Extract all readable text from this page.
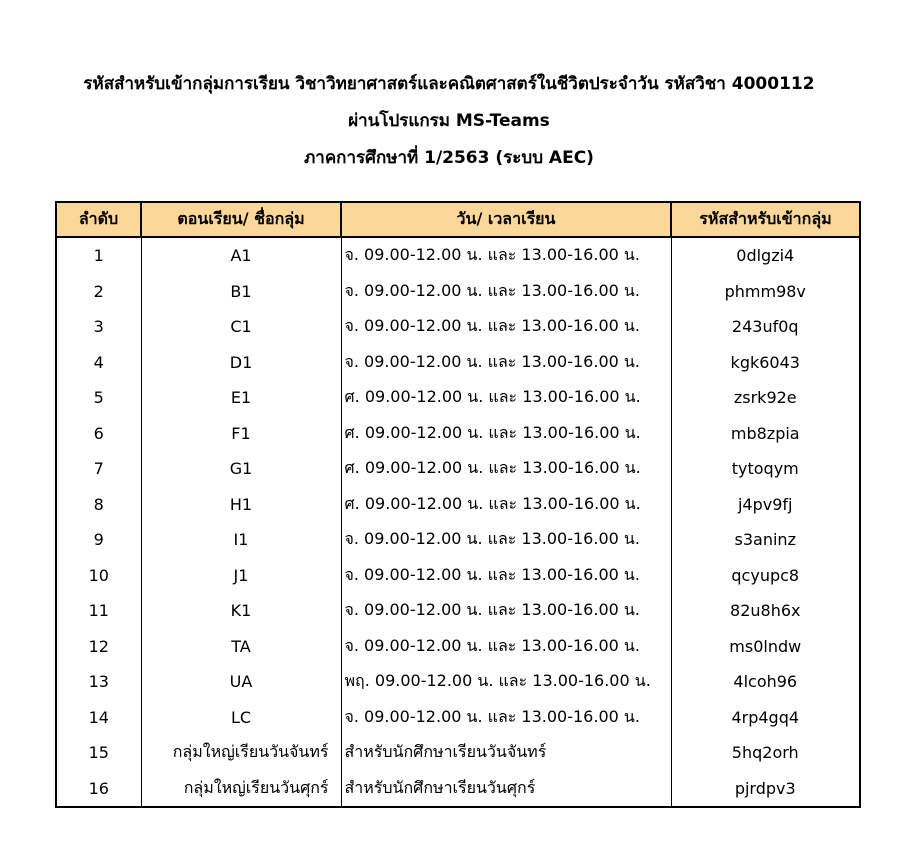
รหัสสำหรับเข้ากลุ่มการเรียน วิชาวิทยาศาสตร์และคณิตศาสตร์ในชีวิตประจำวัน รหัสวิชา 4000112
ผ่านโปรแกรม MS-Teams
ภาคการศึกษาที่ 1/2563 (ระบบ AEC)
ลำดับ	ตอนเรียน/ ชื่อกลุ่ม	วัน/ เวลาเรียน	รหัสสำหรับเข้ากลุ่ม
1	A1	จ. 09.00-12.00 น. และ 13.00-16.00 น.	0dlgzi4
2	B1	จ. 09.00-12.00 น. และ 13.00-16.00 น.	phmm98v
3	C1	จ. 09.00-12.00 น. และ 13.00-16.00 น.	243uf0q
4	D1	จ. 09.00-12.00 น. และ 13.00-16.00 น.	kgk6043
5	E1	ศ. 09.00-12.00 น. และ 13.00-16.00 น.	zsrk92e
6	F1	ศ. 09.00-12.00 น. และ 13.00-16.00 น.	mb8zpia
7	G1	ศ. 09.00-12.00 น. และ 13.00-16.00 น.	tytoqym
8	H1	ศ. 09.00-12.00 น. และ 13.00-16.00 น.	j4pv9fj
9	I1	จ. 09.00-12.00 น. และ 13.00-16.00 น.	s3aninz
10	J1	จ. 09.00-12.00 น. และ 13.00-16.00 น.	qcyupc8
11	K1	จ. 09.00-12.00 น. และ 13.00-16.00 น.	82u8h6x
12	TA	จ. 09.00-12.00 น. และ 13.00-16.00 น.	ms0lndw
13	UA	พฤ. 09.00-12.00 น. และ 13.00-16.00 น.	4lcoh96
14	LC	จ. 09.00-12.00 น. และ 13.00-16.00 น.	4rp4gq4
15	กลุ่มใหญ่เรียนวันจันทร์	สำหรับนักศึกษาเรียนวันจันทร์	5hq2orh
16	กลุ่มใหญ่เรียนวันศุกร์	สำหรับนักศึกษาเรียนวันศุกร์	pjrdpv3
